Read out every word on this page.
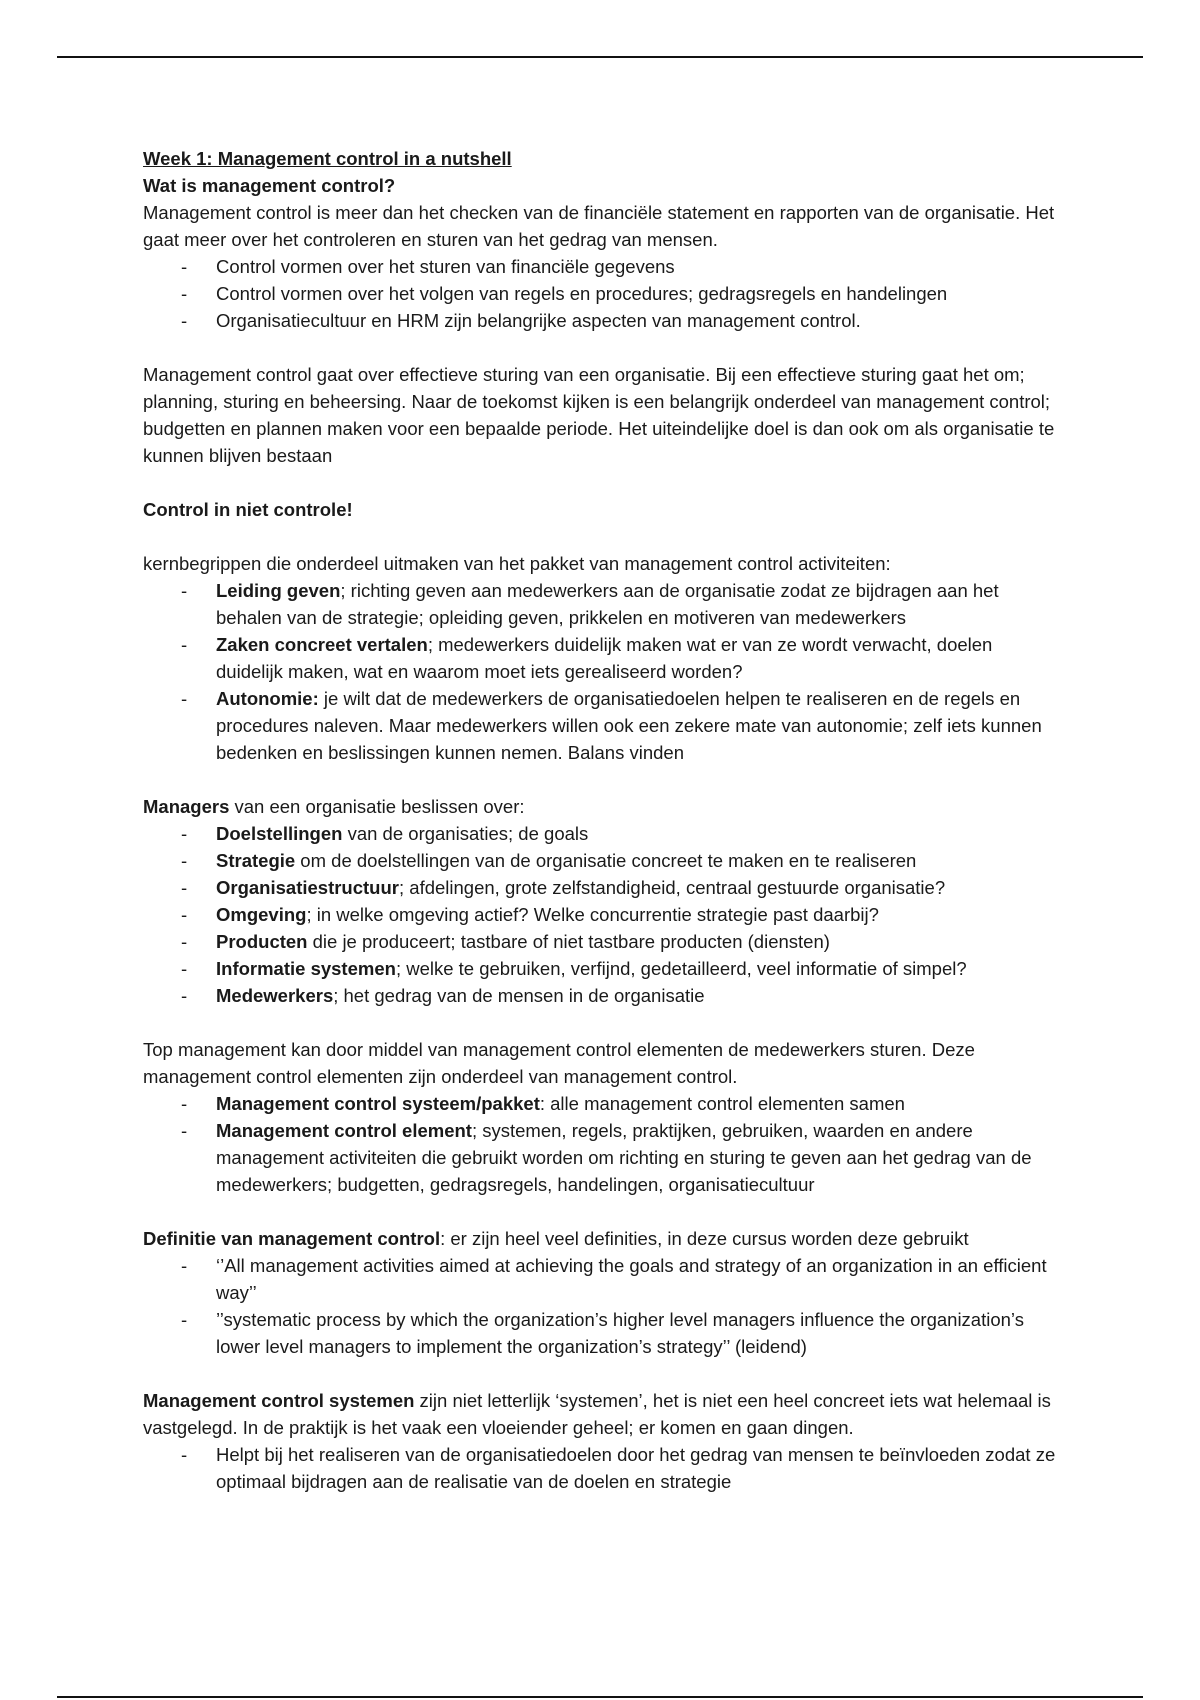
Week 1: Management control in a nutshell

Wat is management control?

Management control is meer dan het checken van de financiële statement en rapporten van de organisatie. Het gaat meer over het controleren en sturen van het gedrag van mensen.

- Control vormen over het sturen van financiële gegevens
- Control vormen over het volgen van regels en procedures; gedragsregels en handelingen
- Organisatiecultuur en HRM zijn belangrijke aspecten van management control.

Management control gaat over effectieve sturing van een organisatie. Bij een effectieve sturing gaat het om; planning, sturing en beheersing. Naar de toekomst kijken is een belangrijk onderdeel van management control; budgetten en plannen maken voor een bepaalde periode. Het uiteindelijke doel is dan ook om als organisatie te kunnen blijven bestaan

Control in niet controle!

kernbegrippen die onderdeel uitmaken van het pakket van management control activiteiten:

- Leiding geven; richting geven aan medewerkers aan de organisatie zodat ze bijdragen aan het behalen van de strategie; opleiding geven, prikkelen en motiveren van medewerkers
- Zaken concreet vertalen; medewerkers duidelijk maken wat er van ze wordt verwacht, doelen duidelijk maken, wat en waarom moet iets gerealiseerd worden?
- Autonomie: je wilt dat de medewerkers de organisatiedoelen helpen te realiseren en de regels en procedures naleven. Maar medewerkers willen ook een zekere mate van autonomie; zelf iets kunnen bedenken en beslissingen kunnen nemen. Balans vinden

Managers van een organisatie beslissen over:

- Doelstellingen van de organisaties; de goals
- Strategie om de doelstellingen van de organisatie concreet te maken en te realiseren
- Organisatiestructuur; afdelingen, grote zelfstandigheid, centraal gestuurde organisatie?
- Omgeving; in welke omgeving actief? Welke concurrentie strategie past daarbij?
- Producten die je produceert; tastbare of niet tastbare producten (diensten)
- Informatie systemen; welke te gebruiken, verfijnd, gedetailleerd, veel informatie of simpel?
- Medewerkers; het gedrag van de mensen in de organisatie

Top management kan door middel van management control elementen de medewerkers sturen. Deze management control elementen zijn onderdeel van management control.

- Management control systeem/pakket: alle management control elementen samen
- Management control element; systemen, regels, praktijken, gebruiken, waarden en andere management activiteiten die gebruikt worden om richting en sturing te geven aan het gedrag van de medewerkers; budgetten, gedragsregels, handelingen, organisatiecultuur

Definitie van management control: er zijn heel veel definities, in deze cursus worden deze gebruikt

- ‘’All management activities aimed at achieving the goals and strategy of an organization in an efficient way’’
- ’’systematic process by which the organization’s higher level managers influence the organization’s lower level managers to implement the organization’s strategy’’ (leidend)

Management control systemen zijn niet letterlijk ‘systemen’, het is niet een heel concreet iets wat helemaal is vastgelegd. In de praktijk is het vaak een vloeiender geheel; er komen en gaan dingen.

- Helpt bij het realiseren van de organisatiedoelen door het gedrag van mensen te beïnvloeden zodat ze optimaal bijdragen aan de realisatie van de doelen en strategie
